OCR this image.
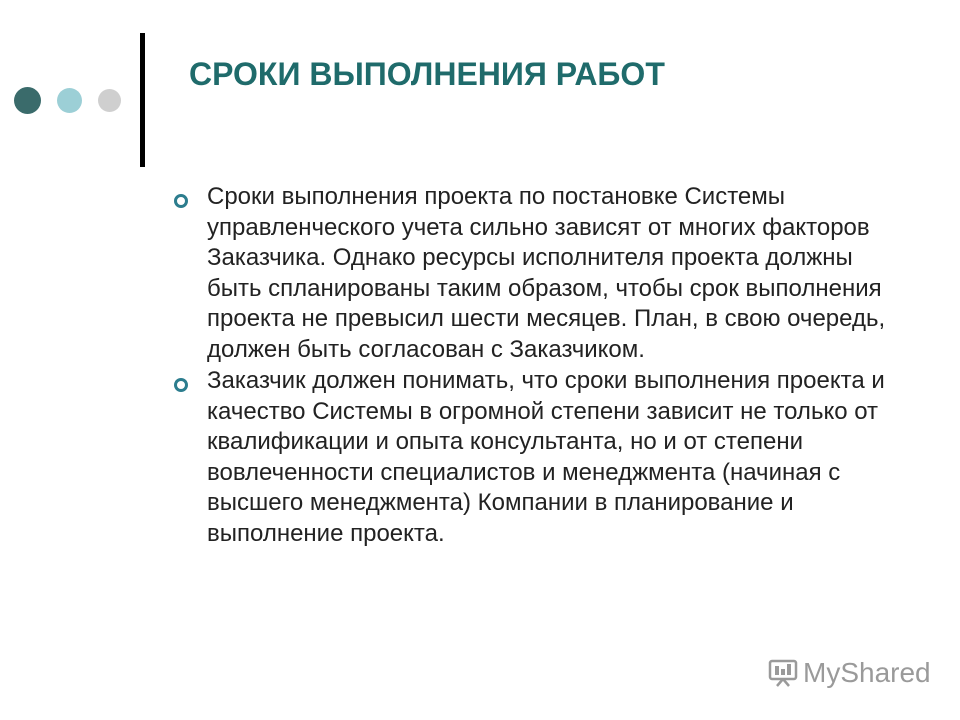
СРОКИ ВЫПОЛНЕНИЯ РАБОТ
Сроки выполнения проекта по постановке Системы управленческого учета сильно зависят от многих факторов Заказчика. Однако ресурсы исполнителя проекта должны быть спланированы таким образом, чтобы срок выполнения проекта не превысил шести месяцев. План, в свою очередь, должен быть согласован с Заказчиком.
Заказчик должен понимать, что сроки выполнения проекта и качество Системы в огромной степени зависит не только от квалификации и опыта консультанта, но и от степени вовлеченности специалистов и менеджмента (начиная с высшего менеджмента) Компании в планирование и выполнение проекта.
MyShared
